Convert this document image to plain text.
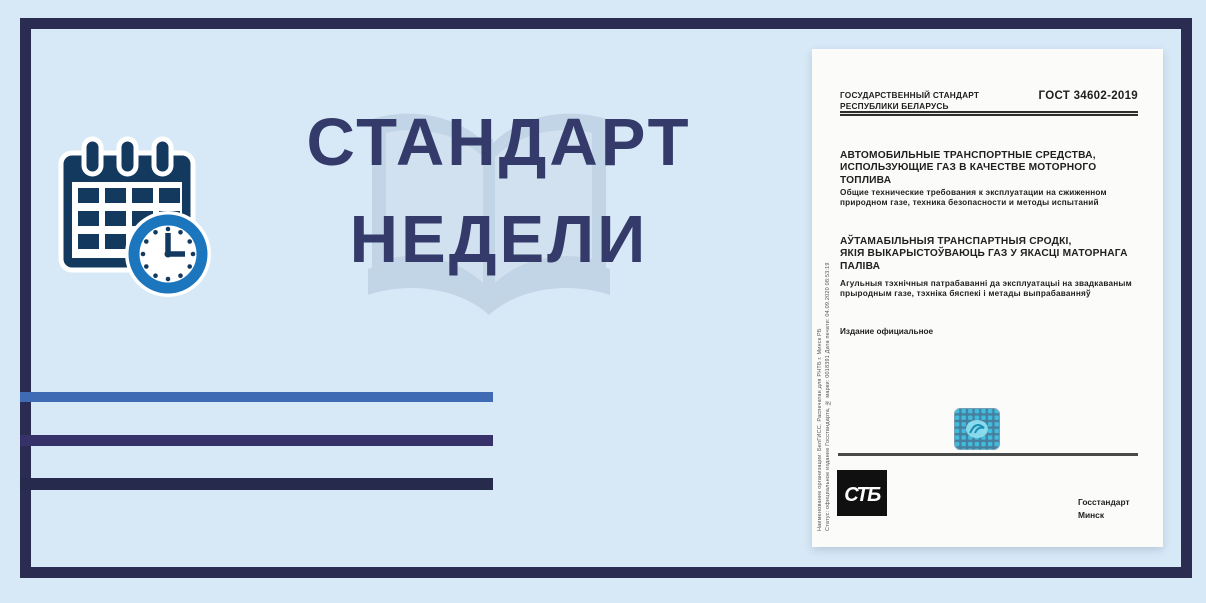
СТАНДАРТ
НЕДЕЛИ
Наименование организации: БелГИСС. Распечатан для РНТБ г. Минск РБ Статус: официальное издание Госстандарта, № марки: 0018391 Дата печати: 04.09.2020 08:53:19
ГОСУДАРСТВЕННЫЙ СТАНДАРТ
РЕСПУБЛИКИ БЕЛАРУСЬ
ГОСТ 34602-2019
АВТОМОБИЛЬНЫЕ ТРАНСПОРТНЫЕ СРЕДСТВА,
ИСПОЛЬЗУЮЩИЕ ГАЗ В КАЧЕСТВЕ МОТОРНОГО
ТОПЛИВА
Общие технические требования к эксплуатации на сжиженном
природном газе, техника безопасности и методы испытаний
АЎТАМАБІЛЬНЫЯ ТРАНСПАРТНЫЯ СРОДКІ,
ЯКІЯ ВЫКАРЫСТОЎВАЮЦЬ ГАЗ У ЯКАСЦІ МАТОРНАГА
ПАЛІВА
Агульныя тэхнічныя патрабаванні да эксплуатацыі на звадкаваным
прыродным газе, тэхніка бяспекі і метады выпрабаванняў
Издание официальное
СТБ	Госстандарт
Минск
